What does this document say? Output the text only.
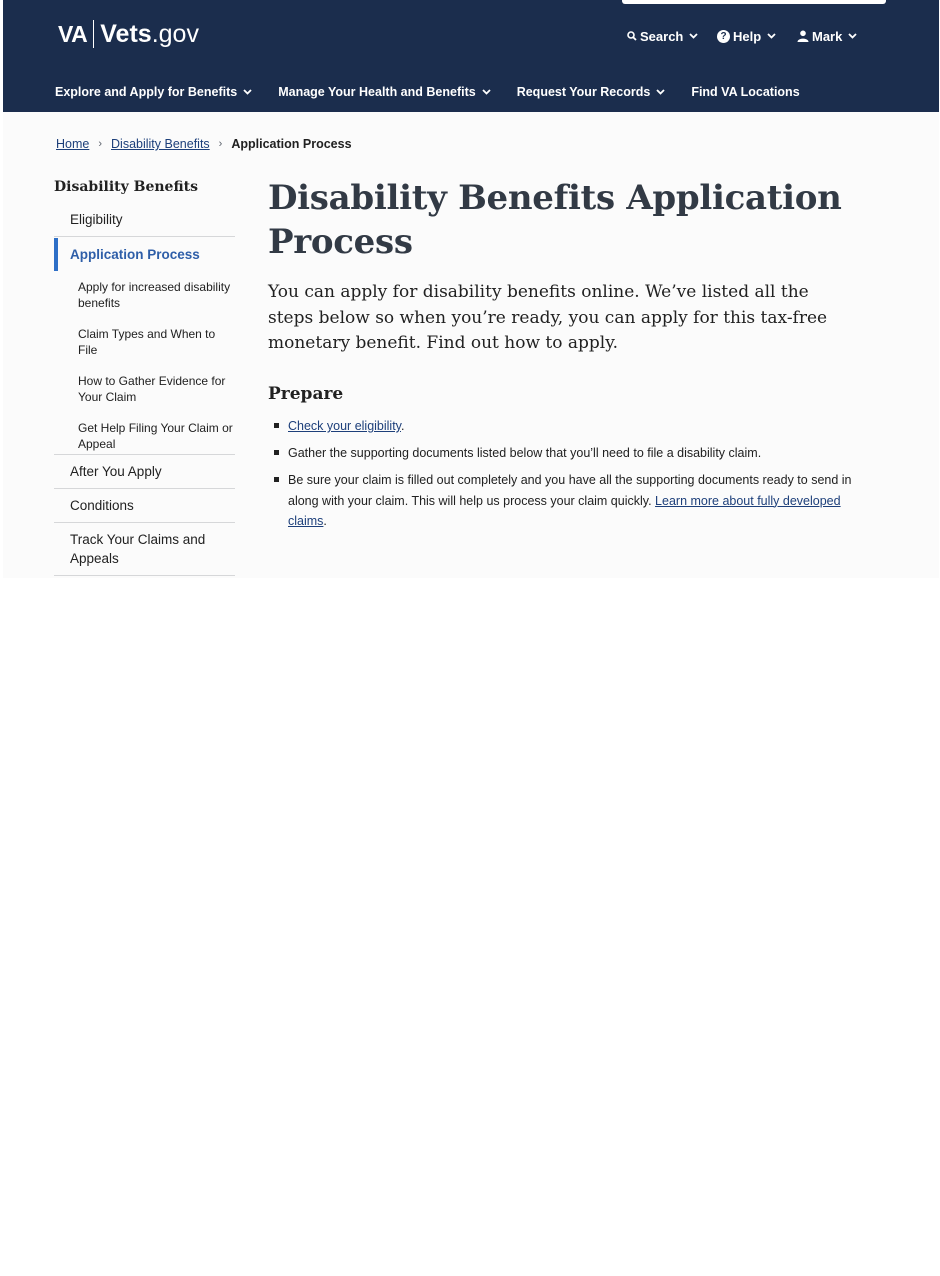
VA Vets .gov	Search	? Help	Mark
Explore and Apply for Benefits	Manage Your Health and Benefits	Request Your Records	Find VA Locations
Home › Disability Benefits › Application Process
Disability Benefits
Eligibility
Application Process
Apply for increased disability benefits
Claim Types and When to File
How to Gather Evidence for Your Claim
Get Help Filing Your Claim or Appeal
After You Apply
Conditions
Track Your Claims and Appeals
Disability Benefits Application Process

You can apply for disability benefits online. We’ve listed all the steps below so when you’re ready, you can apply for this tax-free monetary benefit. Find out how to apply.

Prepare
Check your eligibility.
Gather the supporting documents listed below that you’ll need to file a disability claim.
Be sure your claim is filled out completely and you have all the supporting documents ready to send in along with your claim. This will help us process your claim quickly. Learn more about fully developed claims.
